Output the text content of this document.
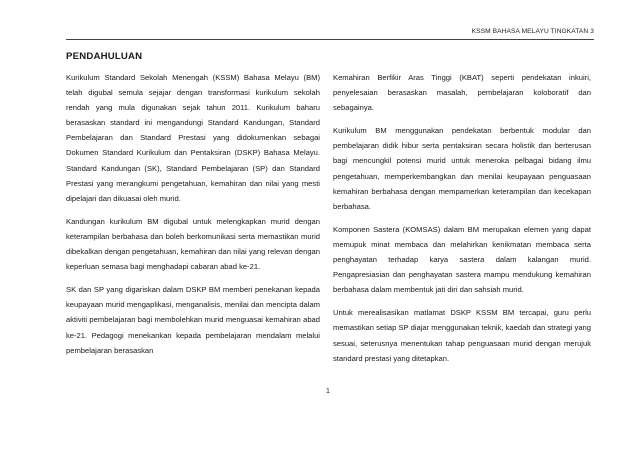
KSSM BAHASA MELAYU TINGKATAN 3
PENDAHULUAN

Kurikulum Standard Sekolah Menengah (KSSM) Bahasa Melayu (BM) telah digubal semula sejajar dengan transformasi kurikulum sekolah rendah yang mula digunakan sejak tahun 2011. Kurikulum baharu berasaskan standard ini mengandungi Standard Kandungan, Standard Pembelajaran dan Standard Prestasi yang didokumenkan sebagai Dokumen Standard Kurikulum dan Pentaksiran (DSKP) Bahasa Melayu. Standard Kandungan (SK), Standard Pembelajaran (SP) dan Standard Prestasi yang merangkumi pengetahuan, kemahiran dan nilai yang mesti dipelajari dan dikuasai oleh murid.

Kandungan kurikulum BM digubal untuk melengkapkan murid dengan keterampilan berbahasa dan boleh berkomunikasi serta memastikan murid dibekalkan dengan pengetahuan, kemahiran dan nilai yang relevan dengan keperluan semasa bagi menghadapi cabaran abad ke-21.

SK dan SP yang digariskan dalam DSKP BM memberi penekanan kepada keupayaan murid mengaplikasi, menganalisis, menilai dan mencipta dalam aktiviti pembelajaran bagi membolehkan murid menguasai kemahiran abad ke-21. Pedagogi menekankan kepada pembelajaran mendalam melalui pembelajaran berasaskan

Kemahiran Berfikir Aras Tinggi (KBAT) seperti pendekatan inkuiri, penyelesaian berasaskan masalah, pembelajaran koloboratif dan sebagainya.

Kurikulum BM menggunakan pendekatan berbentuk modular dan pembelajaran didik hibur serta pentaksiran secara holistik dan berterusan bagi mencungkil potensi murid untuk meneroka pelbagai bidang ilmu pengetahuan, memperkembangkan dan menilai keupayaan penguasaan kemahiran berbahasa dengan mempamerkan keterampilan dan kecekapan berbahasa.

Komponen Sastera (KOMSAS) dalam BM merupakan elemen yang dapat memupuk minat membaca dan melahirkan kenikmatan membaca serta penghayatan terhadap karya sastera dalam kalangan murid. Pengapresiasian dan penghayatan sastera mampu mendukung kemahiran berbahasa dalam membentuk jati diri dan sahsiah murid.

Untuk merealisasikan matlamat DSKP KSSM BM tercapai, guru perlu memastikan setiap SP diajar menggunakan teknik, kaedah dan strategi yang sesuai, seterusnya menentukan tahap penguasaan murid dengan merujuk standard prestasi yang ditetapkan.

1
